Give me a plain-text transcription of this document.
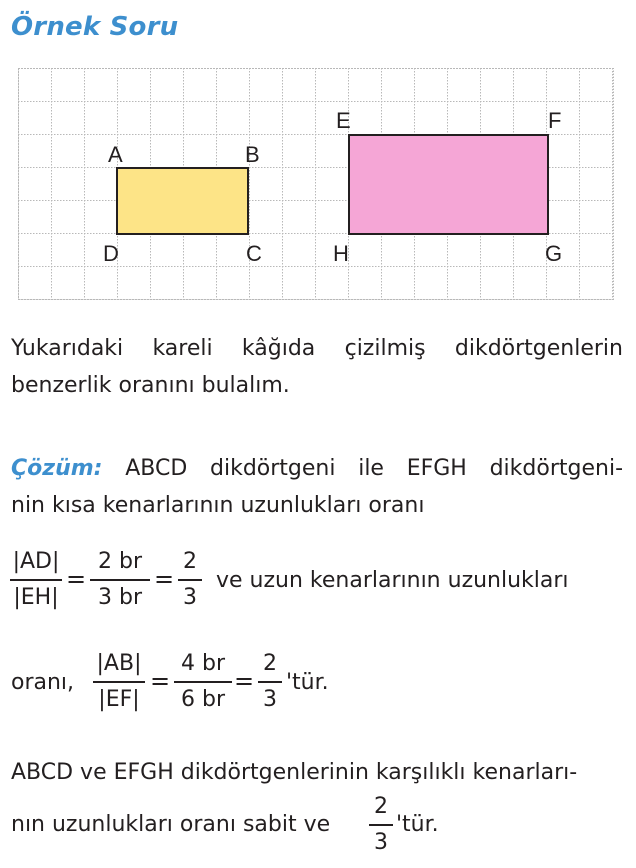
Örnek Soru
A	B
D	C
E	F
H	G
Yukarıdaki kareli kâğıda çizilmiş dikdörtgenlerin
benzerlik oranını bulalım.
Çözüm: ABCD dikdörtgeni ile EFGH dikdörtgeni-
nin kısa kenarlarının uzunlukları oranı
|AD|
|EH|
=
2 br
3 br
=
2
3
ve uzun kenarlarının uzunlukları
oranı,
|AB|
|EF|
=
4 br
6 br
=
2
3
'tür.
ABCD ve EFGH dikdörtgenlerinin karşılıklı kenarları-
nın uzunlukları oranı sabit ve
2
3
'tür.
